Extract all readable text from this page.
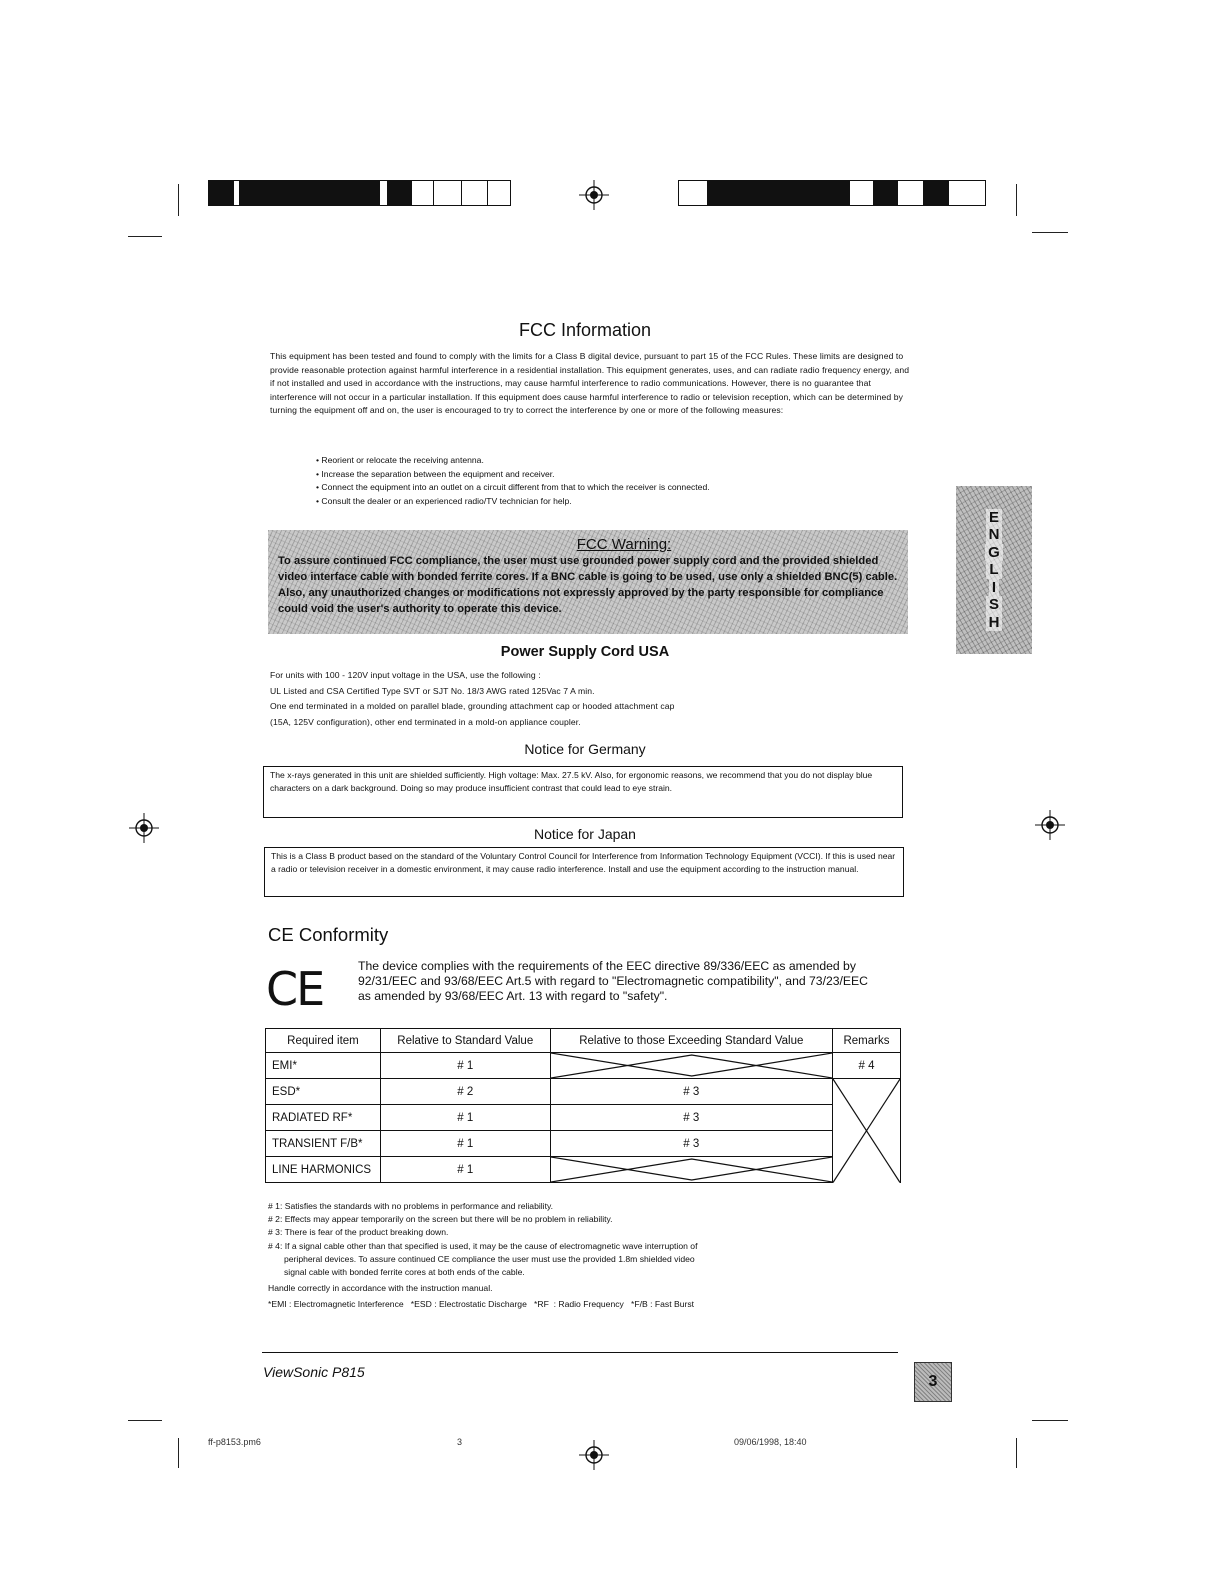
FCC Information

This equipment has been tested and found to comply with the limits for a Class B digital device, pursuant to part 15 of the FCC Rules. These limits are designed to provide reasonable protection against harmful interference in a residential installation. This equipment generates, uses, and can radiate radio frequency energy, and if not installed and used in accordance with the instructions, may cause harmful interference to radio communications. However, there is no guarantee that interference will not occur in a particular installation. If this equipment does cause harmful interference to radio or television reception, which can be determined by turning the equipment off and on, the user is encouraged to try to correct the interference by one or more of the following measures:

• Reorient or relocate the receiving antenna.
• Increase the separation between the equipment and receiver.
• Connect the equipment into an outlet on a circuit different from that to which the receiver is connected.
• Consult the dealer or an experienced radio/TV technician for help.
FCC Warning:
To assure continued FCC compliance, the user must use grounded power supply cord and the provided shielded video interface cable with bonded ferrite cores. If a BNC cable is going to be used, use only a shielded BNC(5) cable. Also, any unauthorized changes or modifications not expressly approved by the party responsible for compliance could void the user's authority to operate this device.
Power Supply Cord USA
For units with 100 - 120V input voltage in the USA, use the following :
UL Listed and CSA Certified Type SVT or SJT No. 18/3 AWG rated 125Vac 7 A min.
One end terminated in a molded on parallel blade, grounding attachment cap or hooded attachment cap
(15A, 125V configuration), other end terminated in a mold-on appliance coupler.
Notice for Germany
The x-rays generated in this unit are shielded sufficiently. High voltage: Max. 27.5 kV. Also, for ergonomic reasons, we recommend that you do not display blue characters on a dark background. Doing so may produce insufficient contrast that could lead to eye strain.
Notice for Japan
This is a Class B product based on the standard of the Voluntary Control Council for Interference from Information Technology Equipment (VCCI). If this is used near a radio or television receiver in a domestic environment, it may cause radio interference. Install and use the equipment according to the instruction manual.
CE Conformity
CE	The device complies with the requirements of the EEC directive 89/336/EEC as amended by 92/31/EEC and 93/68/EEC Art.5 with regard to "Electromagnetic compatibility", and 73/23/EEC as amended by 93/68/EEC Art. 13 with regard to "safety".

Required item	Relative to Standard Value	Relative to those Exceeding Standard Value	Remarks
EMI*	# 1		# 4
ESD*	# 2	# 3	

RADIATED RF*	# 1	# 3	
TRANSIENT F/B*	# 1	# 3	
LINE HARMONICS	# 1	

# 1: Satisfies the standards with no problems in performance and reliability.

# 2: Effects may appear temporarily on the screen but there will be no problem in reliability.

# 3: There is fear of the product breaking down.

# 4: If a signal cable other than that specified is used, it may be the cause of electromagnetic wave interruption of

peripheral devices. To assure continued CE compliance the user must use the provided 1.8m shielded video

signal cable with bonded ferrite cores at both ends of the cable.

Handle correctly in accordance with the instruction manual.

*EMI : Electromagnetic Interference   *ESD : Electrostatic Discharge   *RF  : Radio Frequency   *F/B : Fast Burst

E
N
G
L
I
S
H
ViewSonic P815
3
ff-p8153.pm6	3	09/06/1998, 18:40
